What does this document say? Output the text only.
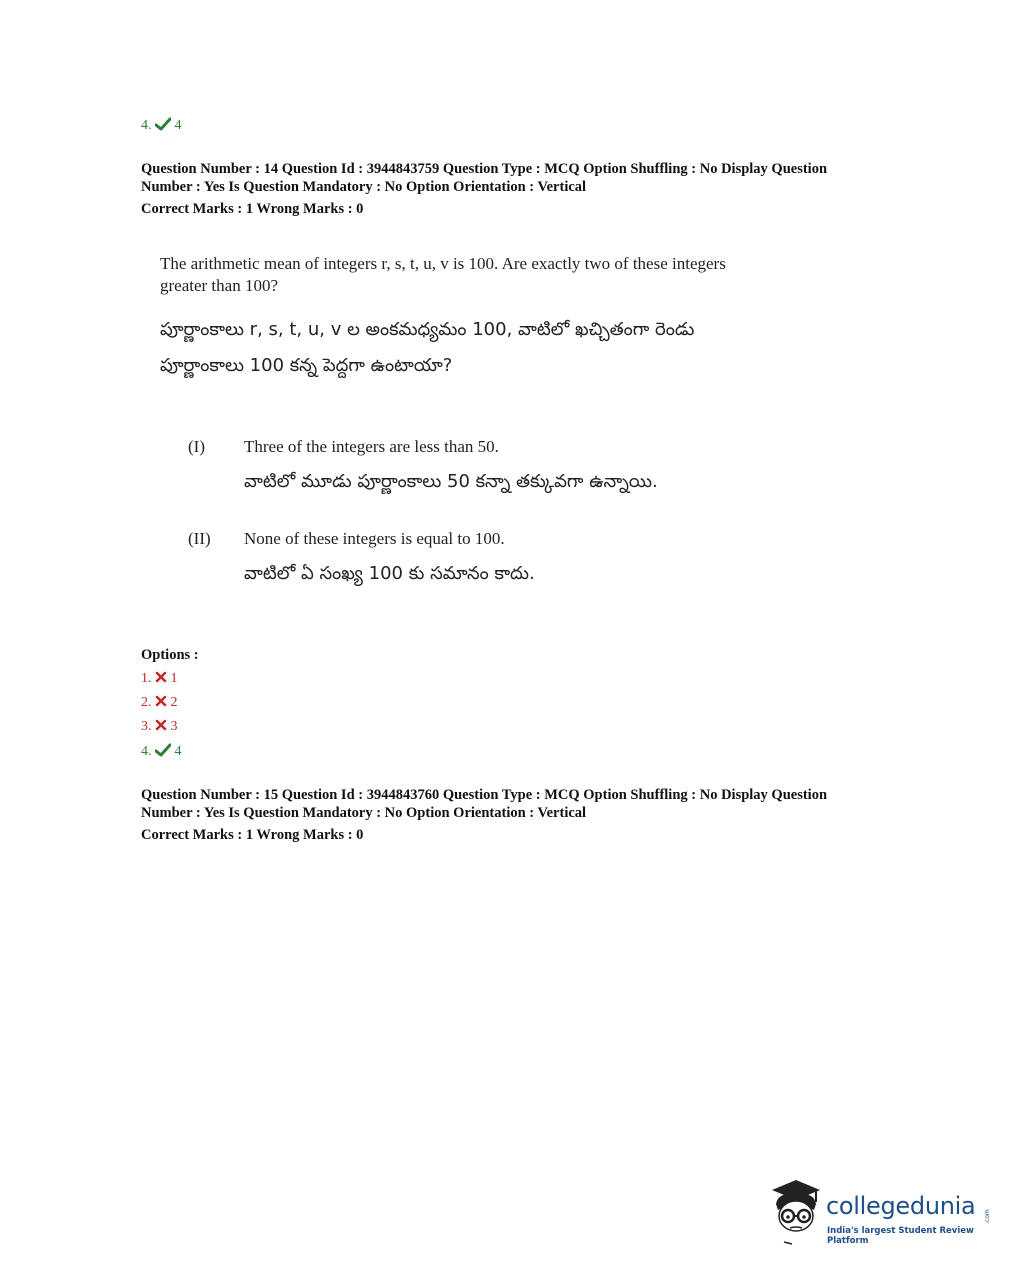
4. 4
Question Number : 14 Question Id : 3944843759 Question Type : MCQ Option Shuffling : No Display Question
Number : Yes Is Question Mandatory : No Option Orientation : Vertical
Correct Marks : 1 Wrong Marks : 0
The arithmetic mean of integers r, s, t, u, v is 100. Are exactly two of these integers
greater than 100?
పూర్ణాంకాలు r, s, t, u, v ల అంకమధ్యమం 100, వాటిలో ఖచ్చితంగా రెండు
పూర్ణాంకాలు 100 కన్న పెద్దగా ఉంటాయా?
(I) Three of the integers are less than 50.
వాటిలో మూడు పూర్ణాంకాలు 50 కన్నా తక్కువగా ఉన్నాయి.
(II) None of these integers is equal to 100.
వాటిలో ఏ సంఖ్య 100 కు సమానం కాదు.
Options :
1. 1
2. 2
3. 3
4. 4
Question Number : 15 Question Id : 3944843760 Question Type : MCQ Option Shuffling : No Display Question
Number : Yes Is Question Mandatory : No Option Orientation : Vertical
Correct Marks : 1 Wrong Marks : 0
collegedunia .com
India's largest Student Review Platform
